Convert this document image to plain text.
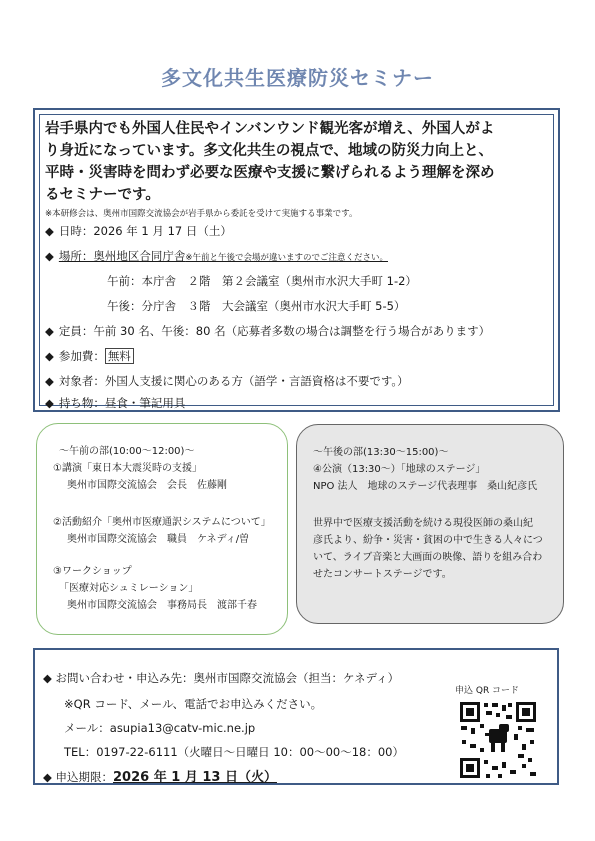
多文化共生医療防災セミナー

岩手県内でも外国人住民やインバンウンド観光客が増え、外国人がよ

り身近になっています。多文化共生の視点で、地域の防災力向上と、

平時・災害時を問わず必要な医療や支援に繋げられるよう理解を深め

るセミナーです。

※本研修会は、奥州市国際交流協会が岩手県から委託を受けて実施する事業です。
◆ 日時：2026 年 1 月 17 日（土）
◆ 場所：奥州地区合同庁舎※午前と午後で会場が違いますのでご注意ください。
午前：本庁舎　２階　第２会議室（奥州市水沢大手町 1-2）
午後：分庁舎　３階　大会議室（奥州市水沢大手町 5-5）
◆ 定員：午前 30 名、午後：80 名（応募者多数の場合は調整を行う場合があります）
◆ 参加費： 無料
◆ 対象者：外国人支援に関心のある方（語学・言語資格は不要です。）
◆ 持ち物：昼食・筆記用具
～午前の部(10:00～12:00)～
①講演「東日本大震災時の支援」
奥州市国際交流協会　会長　佐藤剛
②活動紹介「奥州市医療通訳システムについて」
奥州市国際交流協会　職員　ケネディ/曽
③ワークショップ
「医療対応シュミレーション」
奥州市国際交流協会　事務局長　渡部千春
～午後の部(13:30～15:00)～
④公演（13:30～）「地球のステージ」
NPO 法人　地球のステージ代表理事　桑山紀彦氏
世界中で医療支援活動を続ける現役医師の桑山紀
彦氏より、紛争・災害・貧困の中で生きる人々につ
いて、ライブ音楽と大画面の映像、語りを組み合わ
せたコンサートステージです。
◆ お問い合わせ・申込み先：奥州市国際交流協会（担当：ケネディ）
※QR コード、メール、電話でお申込みください。
メール：asupia13@catv-mic.ne.jp
TEL：0197-22-6111（火曜日～日曜日 10：00～00～18：00）
◆ 申込期限：2026 年 1 月 13 日（火）
申込 QR コード
